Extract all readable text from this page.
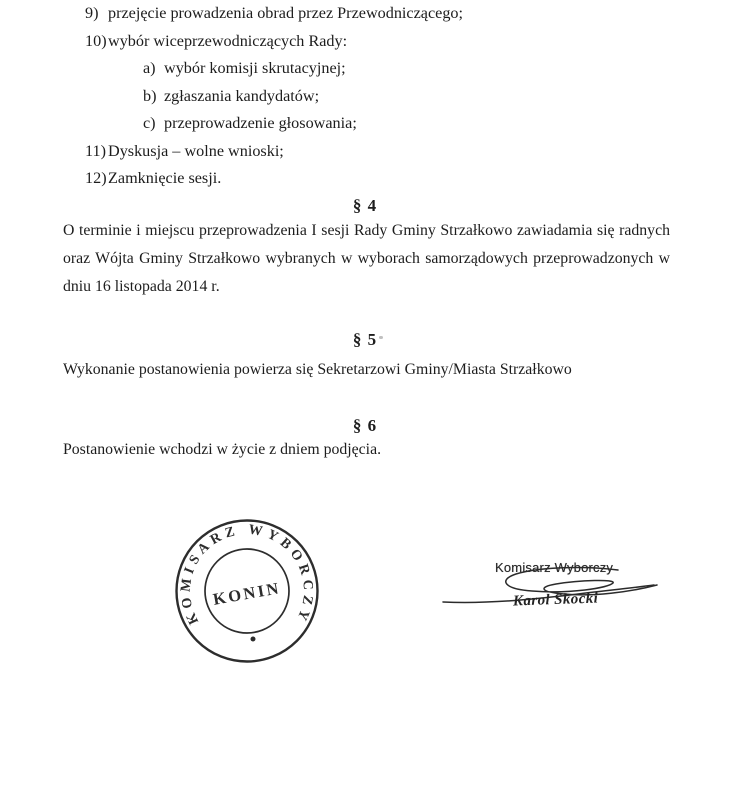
9) przejęcie prowadzenia obrad przez Przewodniczącego;
10) wybór wiceprzewodniczących Rady:
a) wybór komisji skrutacyjnej;
b) zgłaszania kandydatów;
c) przeprowadzenie głosowania;
11) Dyskusja – wolne wnioski;
12) Zamknięcie sesji.
§ 4
O terminie i miejscu przeprowadzenia I sesji Rady Gminy Strzałkowo zawiadamia się radnych
oraz Wójta Gminy Strzałkowo wybranych w wyborach samorządowych przeprowadzonych w
dniu 16 listopada 2014 r.
§ 5
Wykonanie postanowienia powierza się Sekretarzowi Gminy/Miasta Strzałkowo
§ 6
Postanowienie wchodzi w życie z dniem podjęcia.
KOMISARZ WYBORCZY
KONIN
Komisarz Wyborczy
Karol Skocki
